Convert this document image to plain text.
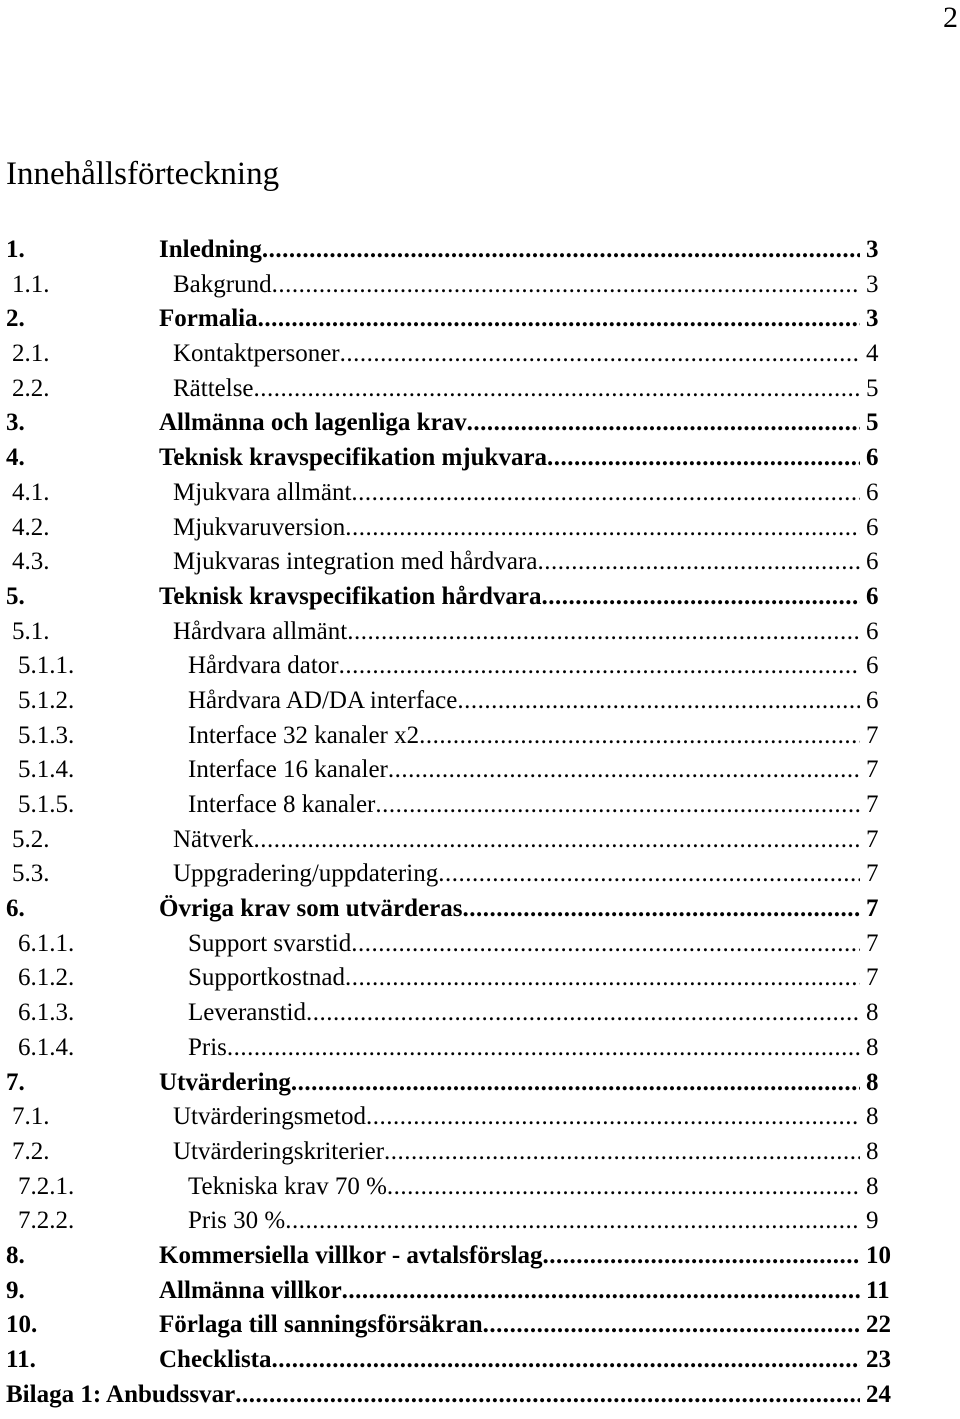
2
Innehållsförteckning
1.	Inledning .....	3
1.1.	Bakgrund .....	3
2.	Formalia .....	3
2.1.	Kontaktpersoner .....	4
2.2.	Rättelse .....	5
3.	Allmänna och lagenliga krav .....	5
4.	Teknisk kravspecifikation mjukvara .....	6
4.1.	Mjukvara allmänt .....	6
4.2.	Mjukvaruversion .....	6
4.3.	Mjukvaras integration med hårdvara .....	6
5.	Teknisk kravspecifikation hårdvara .....	6
5.1.	Hårdvara allmänt .....	6
5.1.1.	Hårdvara dator .....	6
5.1.2.	Hårdvara AD/DA interface .....	6
5.1.3.	Interface 32 kanaler x2 .....	7
5.1.4.	Interface 16 kanaler .....	7
5.1.5.	Interface 8 kanaler .....	7
5.2.	Nätverk .....	7
5.3.	Uppgradering/uppdatering .....	7
6.	Övriga krav som utvärderas .....	7
6.1.1.	Support svarstid .....	7
6.1.2.	Supportkostnad .....	7
6.1.3.	Leveranstid .....	8
6.1.4.	Pris .....	8
7.	Utvärdering .....	8
7.1.	Utvärderingsmetod .....	8
7.2.	Utvärderingskriterier .....	8
7.2.1.	Tekniska krav 70 % .....	8
7.2.2.	Pris 30 % .....	9
8.	Kommersiella villkor - avtalsförslag .....	10
9.	Allmänna villkor .....	11
10.	Förlaga till sanningsförsäkran .....	22
11.	Checklista .....	23
Bilaga 1: Anbudssvar .....	24
